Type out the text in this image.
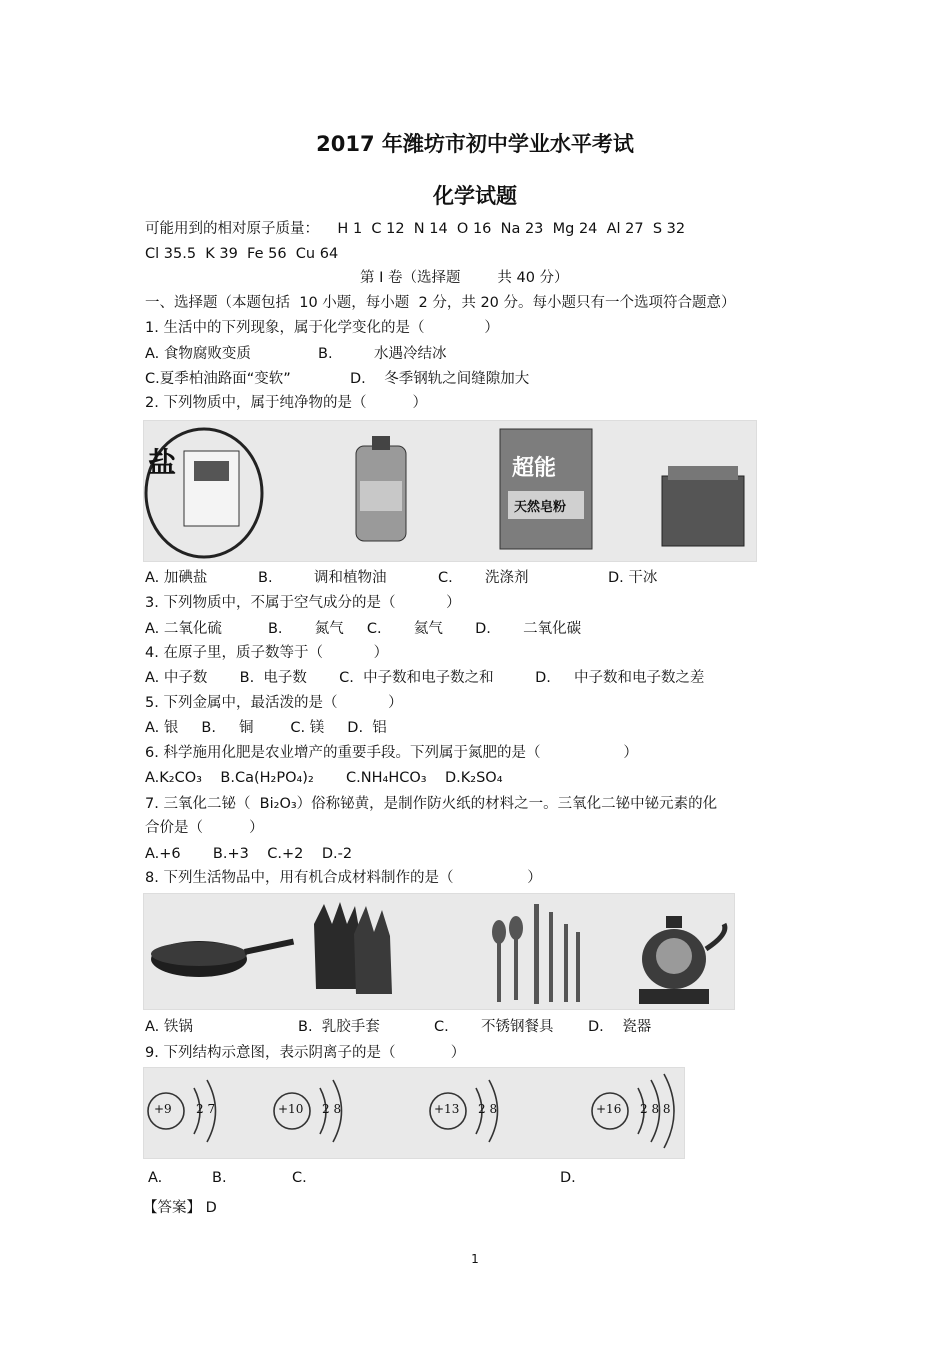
2017 年潍坊市初中学业水平考试
化学试题
可能用到的相对原子质量：    H 1  C 12  N 14  O 16  Na 23  Mg 24  Al 27  S 32
Cl 35.5  K 39  Fe 56  Cu 64
第 I 卷（选择题        共 40 分）
一、选择题（本题包括  10 小题，每小题  2 分，共 20 分。每小题只有一个选项符合题意）
1. 生活中的下列现象，属于化学变化的是（             ）
A. 食物腐败变质	B.         水遇冷结冰
C.夏季柏油路面“变软”	D.    冬季钢轨之间缝隙加大
2. 下列物质中，属于纯净物的是（          ）
盐	超能
天然皂粉
A. 加碘盐	B.         调和植物油	C.       洗涤剂	D. 干冰
3. 下列物质中，不属于空气成分的是（           ）
A. 二氧化硫          B.       氮气     C.       氦气       D.       二氧化碳
4. 在原子里，质子数等于（           ）
A. 中子数       B.  电子数       C.  中子数和电子数之和         D.     中子数和电子数之差
5. 下列金属中，最活泼的是（           ）
A. 银     B.     铜        C. 镁     D.  铝
6. 科学施用化肥是农业增产的重要手段。下列属于氮肥的是（                  ）
A.K₂CO₃    B.Ca(H₂PO₄)₂       C.NH₄HCO₃    D.K₂SO₄
7. 三氧化二铋（  Bi₂O₃）俗称铋黄，是制作防火纸的材料之一。三氧化二铋中铋元素的化
合价是（          ）
A.+6       B.+3    C.+2    D.-2
8. 下列生活物品中，用有机合成材料制作的是（                ）
A. 铁锅	B.  乳胶手套	C.       不锈钢餐具 D.    瓷器
9. 下列结构示意图，表示阴离子的是（            ）
+9 2 7	+10 2 8	+13 2 8	+16 2 8 8
A.	B.	C.	D.
【答案】 D
1
